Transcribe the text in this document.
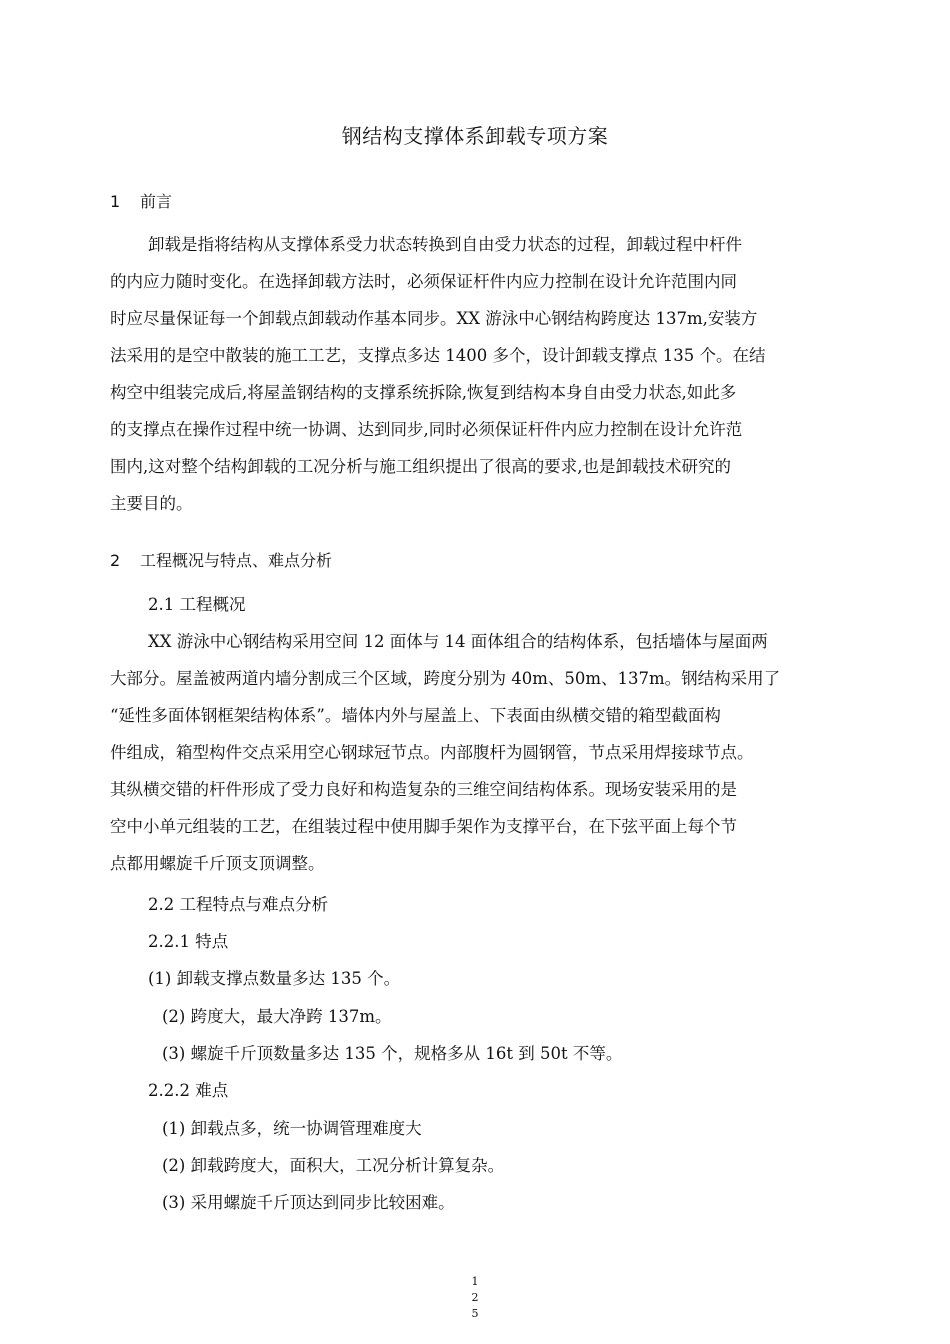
钢结构支撑体系卸载专项方案
1 前言
卸载是指将结构从支撑体系受力状态转换到自由受力状态的过程，卸载过程中杆件
的内应力随时变化。在选择卸载方法时，必须保证杆件内应力控制在设计允许范围内同
时应尽量保证每一个卸载点卸载动作基本同步。XX 游泳中心钢结构跨度达 137m,安装方
法采用的是空中散装的施工工艺，支撑点多达 1400 多个，设计卸载支撑点 135 个。在结
构空中组装完成后,将屋盖钢结构的支撑系统拆除,恢复到结构本身自由受力状态,如此多
的支撑点在操作过程中统一协调、达到同步,同时必须保证杆件内应力控制在设计允许范
围内,这对整个结构卸载的工况分析与施工组织提出了很高的要求,也是卸载技术研究的
主要目的。
2 工程概况与特点、难点分析
2.1 工程概况
XX 游泳中心钢结构采用空间 12 面体与 14 面体组合的结构体系，包括墙体与屋面两
大部分。屋盖被两道内墙分割成三个区域，跨度分别为 40m、50m、137m。钢结构采用了
“延性多面体钢框架结构体系”。墙体内外与屋盖上、下表面由纵横交错的箱型截面构
件组成，箱型构件交点采用空心钢球冠节点。内部腹杆为圆钢管，节点采用焊接球节点。
其纵横交错的杆件形成了受力良好和构造复杂的三维空间结构体系。现场安装采用的是
空中小单元组装的工艺，在组装过程中使用脚手架作为支撑平台，在下弦平面上每个节
点都用螺旋千斤顶支顶调整。
2.2 工程特点与难点分析
2.2.1 特点
(1) 卸载支撑点数量多达 135 个。
(2) 跨度大，最大净跨 137m。
(3) 螺旋千斤顶数量多达 135 个，规格多从 16t 到 50t 不等。
2.2.2 难点
(1) 卸载点多，统一协调管理难度大
(2) 卸载跨度大，面积大，工况分析计算复杂。
(3) 采用螺旋千斤顶达到同步比较困难。
1
2
5
